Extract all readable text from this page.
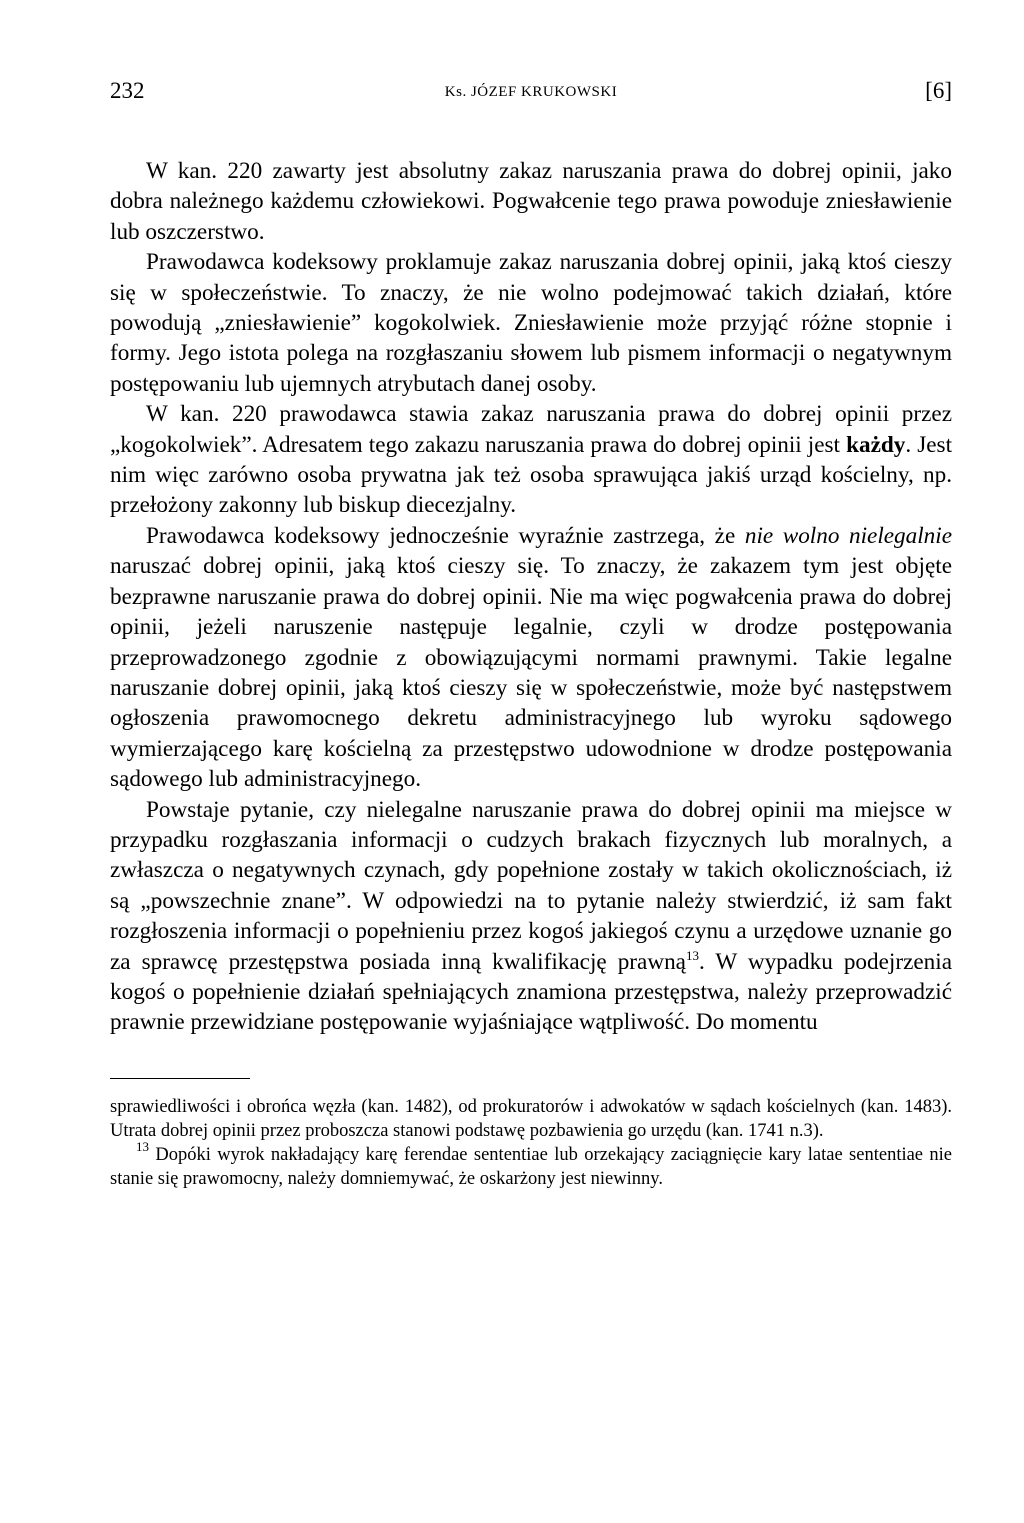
232	Ks. JÓZEF KRUKOWSKI	[6]

W kan. 220 zawarty jest absolutny zakaz naruszania prawa do dobrej opinii, jako dobra należnego każdemu człowiekowi. Pogwałcenie tego prawa powoduje zniesławienie lub oszczerstwo.

Prawodawca kodeksowy proklamuje zakaz naruszania dobrej opinii, jaką ktoś cieszy się w społeczeństwie. To znaczy, że nie wolno podejmować takich działań, które powodują „zniesławienie” kogokolwiek. Zniesławienie może przyjąć różne stopnie i formy. Jego istota polega na rozgłaszaniu słowem lub pismem informacji o negatywnym postępowaniu lub ujemnych atrybutach danej osoby.

W kan. 220 prawodawca stawia zakaz naruszania prawa do dobrej opinii przez „kogokolwiek”. Adresatem tego zakazu naruszania prawa do dobrej opinii jest każdy. Jest nim więc zarówno osoba prywatna jak też osoba sprawująca jakiś urząd kościelny, np. przełożony zakonny lub biskup diecezjalny.

Prawodawca kodeksowy jednocześnie wyraźnie zastrzega, że nie wolno nielegalnie naruszać dobrej opinii, jaką ktoś cieszy się. To znaczy, że zakazem tym jest objęte bezprawne naruszanie prawa do dobrej opinii. Nie ma więc pogwałcenia prawa do dobrej opinii, jeżeli naruszenie następuje legalnie, czyli w drodze postępowania przeprowadzonego zgodnie z obowiązującymi normami prawnymi. Takie legalne naruszanie dobrej opinii, jaką ktoś cieszy się w społeczeństwie, może być następstwem ogłoszenia prawomocnego dekretu administracyjnego lub wyroku sądowego wymierzającego karę kościelną za przestępstwo udowodnione w drodze postępowania sądowego lub administracyjnego.

Powstaje pytanie, czy nielegalne naruszanie prawa do dobrej opinii ma miejsce w przypadku rozgłaszania informacji o cudzych brakach fizycznych lub moralnych, a zwłaszcza o negatywnych czynach, gdy popełnione zostały w takich okolicznościach, iż są „powszechnie znane”. W odpowiedzi na to pytanie należy stwierdzić, iż sam fakt rozgłoszenia informacji o popełnieniu przez kogoś jakiegoś czynu a urzędowe uznanie go za sprawcę przestępstwa posiada inną kwalifikację prawną$^{13}$. W wypadku podejrzenia kogoś o popełnienie działań spełniających znamiona przestępstwa, należy przeprowadzić prawnie przewidziane postępowanie wyjaśniające wątpliwość. Do momentu

sprawiedliwości i obrońca węzła (kan. 1482), od prokuratorów i adwokatów w sądach kościelnych (kan. 1483). Utrata dobrej opinii przez proboszcza stanowi podstawę pozbawienia go urzędu (kan. 1741 n.3).

$^{13}$ Dopóki wyrok nakładający karę ferendae sententiae lub orzekający zaciągnięcie kary latae sententiae nie stanie się prawomocny, należy domniemywać, że oskarżony jest niewinny.
